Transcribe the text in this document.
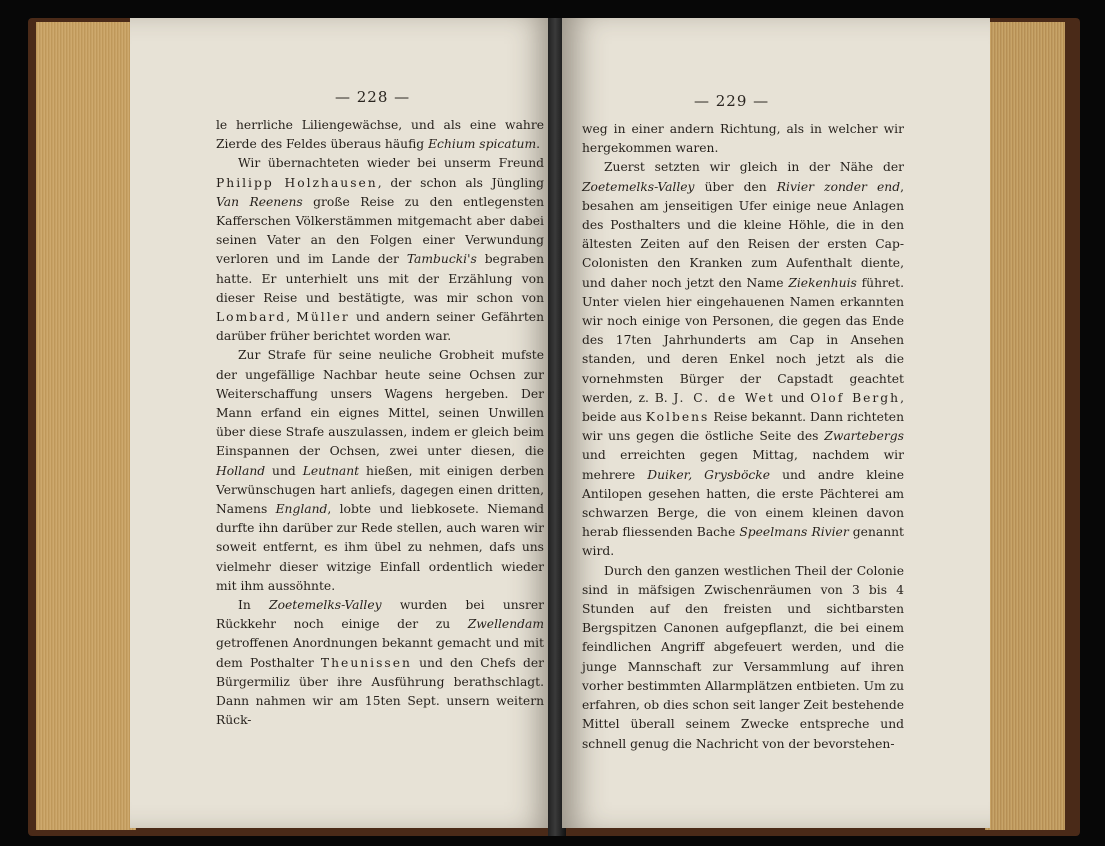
— 228 —

le herrliche Liliengewächse, und als eine wahre Zierde des Feldes überaus häufig Echium spicatum.

Wir übernachteten wieder bei unserm Freund Philipp Holzhausen, der schon als Jüngling Van Reenens große Reise zu den entlegensten Kafferschen Völkerstämmen mitgemacht aber dabei seinen Vater an den Folgen einer Verwundung verloren und im Lande der Tambucki's begraben hatte. Er unterhielt uns mit der Erzählung von dieser Reise und bestätigte, was mir schon von Lombard, Müller und andern seiner Gefährten darüber früher berichtet worden war.

Zur Strafe für seine neuliche Grobheit mufste der ungefällige Nachbar heute seine Ochsen zur Weiterschaffung unsers Wagens hergeben. Der Mann erfand ein eignes Mittel, seinen Unwillen über diese Strafe auszulassen, indem er gleich beim Einspannen der Ochsen, zwei unter diesen, die Holland und Leutnant hießen, mit einigen derben Verwünschugen hart anliefs, dagegen einen dritten, Namens England, lobte und liebkosete. Niemand durfte ihn darüber zur Rede stellen, auch waren wir soweit entfernt, es ihm übel zu nehmen, dafs uns vielmehr dieser witzige Einfall ordentlich wieder mit ihm aussöhnte.

In Zoetemelks-Valley wurden bei unsrer Rückkehr noch einige der zu Zwellendam getroffenen Anordnungen bekannt gemacht und mit dem Posthalter Theunissen und den Chefs der Bürgermiliz über ihre Ausführung berathschlagt. Dann nahmen wir am 15ten Sept. unsern weitern Rück-

— 229 —

weg in einer andern Richtung, als in welcher wir hergekommen waren.

Zuerst setzten wir gleich in der Nähe der Zoetemelks-Valley über den Rivier zonder end, besahen am jenseitigen Ufer einige neue Anlagen des Posthalters und die kleine Höhle, die in den ältesten Zeiten auf den Reisen der ersten Cap-Colonisten den Kranken zum Aufenthalt diente, und daher noch jetzt den Name Ziekenhuis führet. Unter vielen hier eingehauenen Namen erkannten wir noch einige von Personen, die gegen das Ende des 17ten Jahrhunderts am Cap in Ansehen standen, und deren Enkel noch jetzt als die vornehmsten Bürger der Capstadt geachtet werden, z. B. J. C. de Wet und Olof Bergh, beide aus Kolbens Reise bekannt. Dann richteten wir uns gegen die östliche Seite des Zwartebergs und erreichten gegen Mittag, nachdem wir mehrere Duiker, Grysböcke und andre kleine Antilopen gesehen hatten, die erste Pächterei am schwarzen Berge, die von einem kleinen davon herab fliessenden Bache Speelmans Rivier genannt wird.

Durch den ganzen westlichen Theil der Colonie sind in mäfsigen Zwischenräumen von 3 bis 4 Stunden auf den freisten und sichtbarsten Bergspitzen Canonen aufgepflanzt, die bei einem feindlichen Angriff abgefeuert werden, und die junge Mannschaft zur Versammlung auf ihren vorher bestimmten Allarmplätzen entbieten. Um zu erfahren, ob dies schon seit langer Zeit bestehende Mittel überall seinem Zwecke entspreche und schnell genug die Nachricht von der bevorstehen-
